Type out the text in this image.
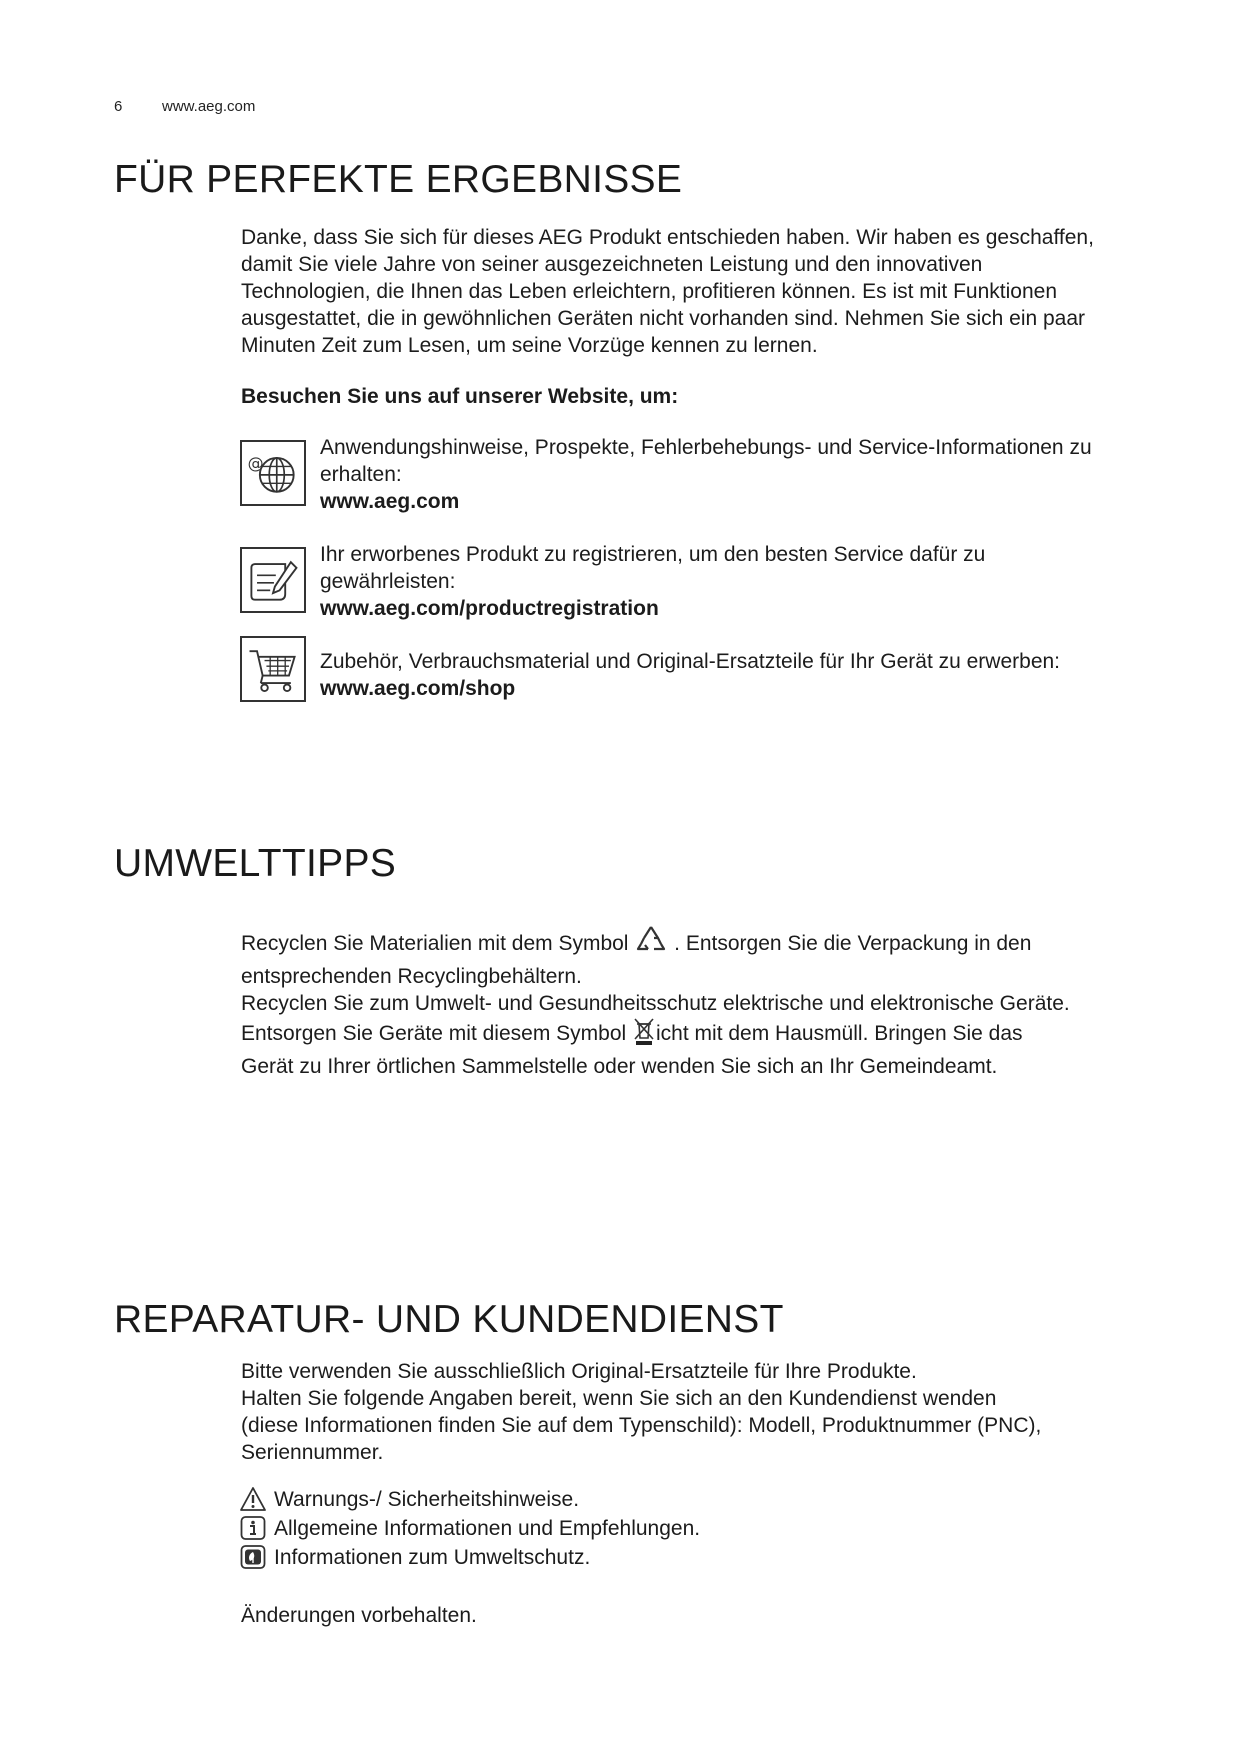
6	www.aeg.com
FÜR PERFEKTE ERGEBNISSE

Danke, dass Sie sich für dieses AEG Produkt entschieden haben. Wir haben es geschaffen,

damit Sie viele Jahre von seiner ausgezeichneten Leistung und den innovativen

Technologien, die Ihnen das Leben erleichtern, profitieren können. Es ist mit Funktionen

ausgestattet, die in gewöhnlichen Geräten nicht vorhanden sind. Nehmen Sie sich ein paar

Minuten Zeit zum Lesen, um seine Vorzüge kennen zu lernen.

Besuchen Sie uns auf unserer Website, um:
@

Anwendungshinweise, Prospekte, Fehlerbehebungs- und Service-Informationen zu

erhalten:

www.aeg.com

Ihr erworbenes Produkt zu registrieren, um den besten Service dafür zu

gewährleisten:

www.aeg.com/productregistration

Zubehör, Verbrauchsmaterial und Original-Ersatzteile für Ihr Gerät zu erwerben:

www.aeg.com/shop

UMWELTTIPPS

Recyclen Sie Materialien mit dem Symbol . Entsorgen Sie die Verpackung in den

entsprechenden Recyclingbehältern.

Recyclen Sie zum Umwelt- und Gesundheitsschutz elektrische und elektronische Geräte.

Entsorgen Sie Geräte mit diesem Symbol icht mit dem Hausmüll. Bringen Sie das

Gerät zu Ihrer örtlichen Sammelstelle oder wenden Sie sich an Ihr Gemeindeamt.

REPARATUR- UND KUNDENDIENST

Bitte verwenden Sie ausschließlich Original-Ersatzteile für Ihre Produkte.

Halten Sie folgende Angaben bereit, wenn Sie sich an den Kundendienst wenden

(diese Informationen finden Sie auf dem Typenschild): Modell, Produktnummer (PNC),

Seriennummer.

Warnungs-/ Sicherheitshinweise.
Allgemeine Informationen und Empfehlungen.
Informationen zum Umweltschutz.
Änderungen vorbehalten.
